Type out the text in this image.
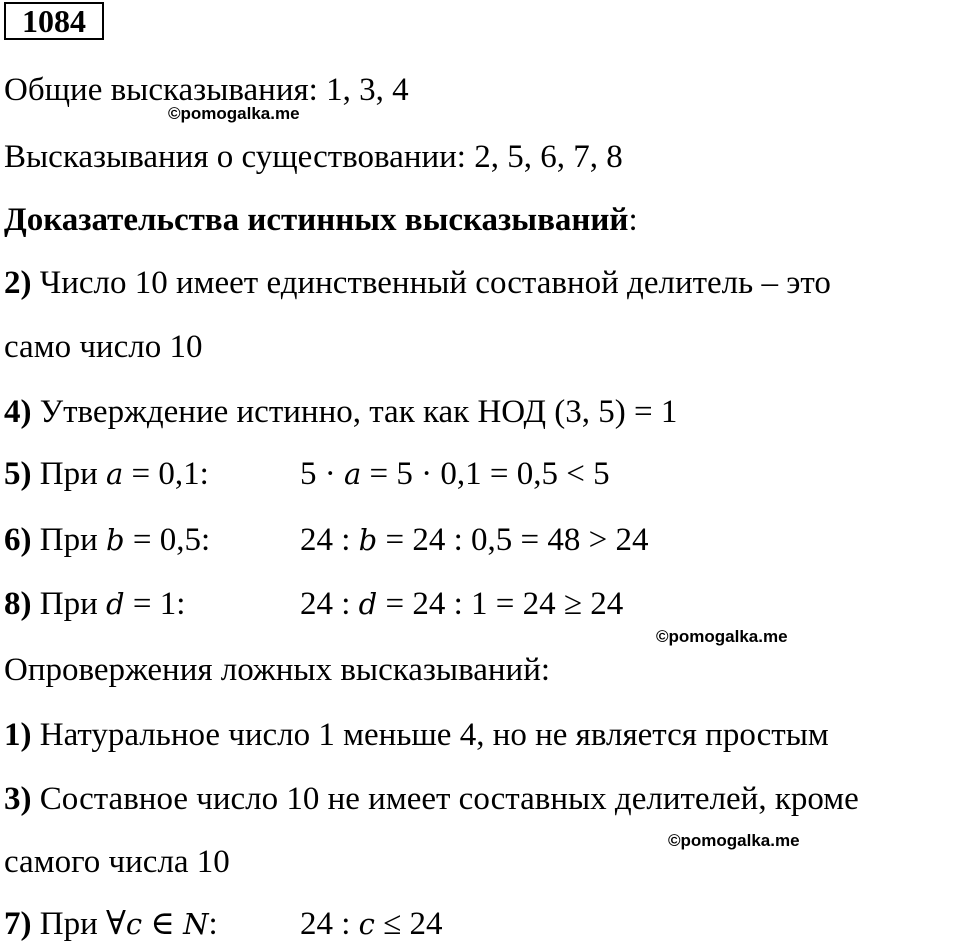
1084
Общие высказывания: 1, 3, 4
©pomogalka.me
Высказывания о существовании: 2, 5, 6, 7, 8
Доказательства истинных высказываний:
2) Число 10 имеет единственный составной делитель – это
само число 10
4) Утверждение истинно, так как НОД (3, 5) = 1
5) При a = 0,1:	5 · a = 5 · 0,1 = 0,5 < 5
6) При b = 0,5:	24 : b = 24 : 0,5 = 48 > 24
8) При d = 1:	24 : d = 24 : 1 = 24 ≥ 24
©pomogalka.me
Опровержения ложных высказываний:
1) Натуральное число 1 меньше 4, но не является простым
3) Составное число 10 не имеет составных делителей, кроме
©pomogalka.me
самого числа 10
7) При ∀c ∈ N: 24 : c ≤ 24
